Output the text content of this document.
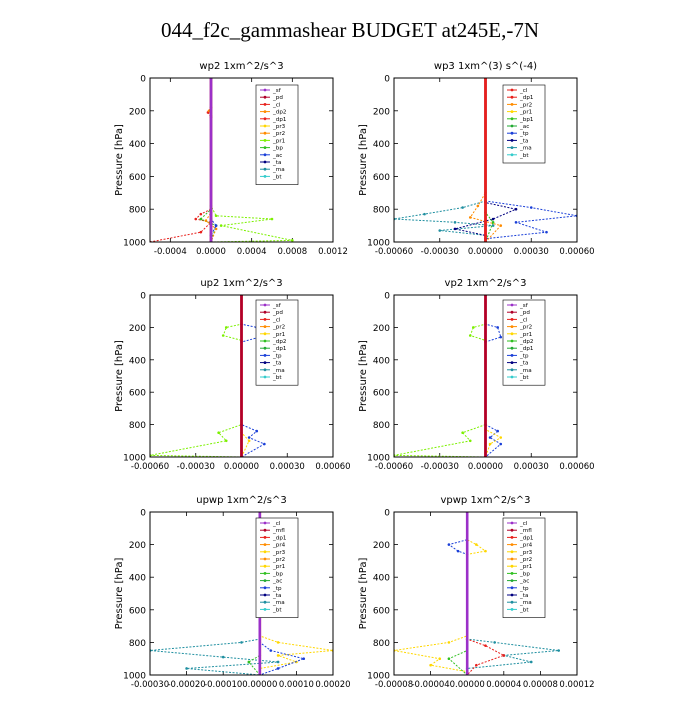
044_f2c_gammashear BUDGET at245E,-7N
wp2 1xm^2/s^3
Pressure [hPa]
0
200
400
600
800
1000
-0.0004 0.0000 0.0004 0.0008 0.0012
_sf
_pd
_cl
_dp2
_dp1
_pr3
_pr2
_pr1
_bp
_ac
_ta
_ma
_bt
wp3 1xm^(3) s^(-4)
Pressure [hPa]
0
200
400
600
800
1000
-0.00060 -0.00030 0.00000 0.00030 0.00060
_cl
_dp1
_pr2
_pr1
_bp1
_ac
_tp
_ta
_ma
_bt
up2 1xm^2/s^3
Pressure [hPa]
0
200
400
600
800
1000
-0.00060 -0.00030 0.00000 0.00030 0.00060
_sf
_pd
_cl
_pr2
_pr1
_dp2
_dp1
_tp
_ta
_ma
_bt
vp2 1xm^2/s^3
Pressure [hPa]
0
200
400
600
800
1000
-0.00060 -0.00030 0.00000 0.00030 0.00060
_sf
_pd
_cl
_pr2
_pr1
_dp2
_dp1
_tp
_ta
_ma
_bt
upwp 1xm^2/s^3
Pressure [hPa]
0
200
400
600
800
1000
-0.00030
-0.00020
-0.00010 0.00000 0.00010 0.00020
_cl
_mfl
_dp1
_pr4
_pr3
_pr2
_pr1
_bp
_ac
_tp
_ta
_ma
_bt
vpwp 1xm^2/s^3
Pressure [hPa]
0
200
400
600
800
1000
-0.00008
-0.00004 0.00000 0.00004 0.00008 0.00012
_cl
_mfl
_dp1
_pr4
_pr3
_pr2
_pr1
_bp
_ac
_tp
_ta
_ma
_bt
